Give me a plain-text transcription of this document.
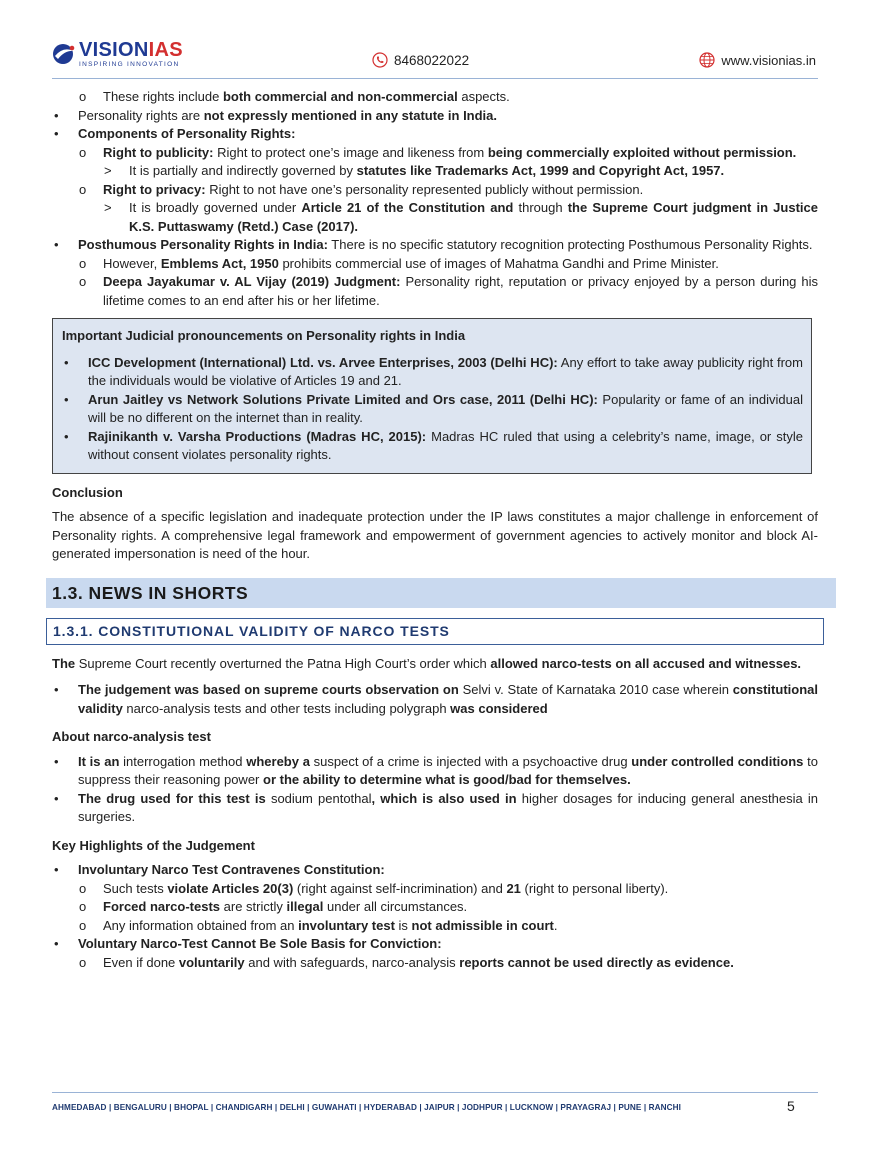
VISIONIAS
INSPIRING INNOVATION	8468022022	www.visionias.in
o These rights include both commercial and non-commercial aspects.
• Personality rights are not expressly mentioned in any statute in India.
• Components of Personality Rights:
o Right to publicity: Right to protect one’s image and likeness from being commercially exploited without permission.
> It is partially and indirectly governed by statutes like Trademarks Act, 1999 and Copyright Act, 1957.
o Right to privacy: Right to not have one’s personality represented publicly without permission.
> It is broadly governed under Article 21 of the Constitution and through the Supreme Court judgment in Justice K.S. Puttaswamy (Retd.) Case (2017).
• Posthumous Personality Rights in India: There is no specific statutory recognition protecting Posthumous Personality Rights.
o However, Emblems Act, 1950 prohibits commercial use of images of Mahatma Gandhi and Prime Minister.
o Deepa Jayakumar v. AL Vijay (2019) Judgment: Personality right, reputation or privacy enjoyed by a person during his lifetime comes to an end after his or her lifetime.
Important Judicial pronouncements on Personality rights in India
• ICC Development (International) Ltd. vs. Arvee Enterprises, 2003 (Delhi HC): Any effort to take away publicity right from the individuals would be violative of Articles 19 and 21.
• Arun Jaitley vs Network Solutions Private Limited and Ors case, 2011 (Delhi HC): Popularity or fame of an individual will be no different on the internet than in reality.
• Rajinikanth v. Varsha Productions (Madras HC, 2015): Madras HC ruled that using a celebrity’s name, image, or style without consent violates personality rights.
Conclusion
The absence of a specific legislation and inadequate protection under the IP laws constitutes a major challenge in enforcement of Personality rights. A comprehensive legal framework and empowerment of government agencies to actively monitor and block AI-generated impersonation is need of the hour.
1.3. NEWS IN SHORTS
1.3.1. CONSTITUTIONAL VALIDITY OF NARCO TESTS
The Supreme Court recently overturned the Patna High Court’s order which allowed narco-tests on all accused and witnesses.
• The judgement was based on supreme courts observation on Selvi v. State of Karnataka 2010 case wherein constitutional validity narco-analysis tests and other tests including polygraph was considered
About narco-analysis test
• It is an interrogation method whereby a suspect of a crime is injected with a psychoactive drug under controlled conditions to suppress their reasoning power or the ability to determine what is good/bad for themselves.
• The drug used for this test is sodium pentothal, which is also used in higher dosages for inducing general anesthesia in surgeries.
Key Highlights of the Judgement
• Involuntary Narco Test Contravenes Constitution:
o Such tests violate Articles 20(3) (right against self-incrimination) and 21 (right to personal liberty).
o Forced narco-tests are strictly illegal under all circumstances.
o Any information obtained from an involuntary test is not admissible in court.
• Voluntary Narco-Test Cannot Be Sole Basis for Conviction:
o Even if done voluntarily and with safeguards, narco-analysis reports cannot be used directly as evidence.
AHMEDABAD | BENGALURU | BHOPAL | CHANDIGARH | DELHI | GUWAHATI | HYDERABAD | JAIPUR | JODHPUR | LUCKNOW | PRAYAGRAJ | PUNE | RANCHI	5
